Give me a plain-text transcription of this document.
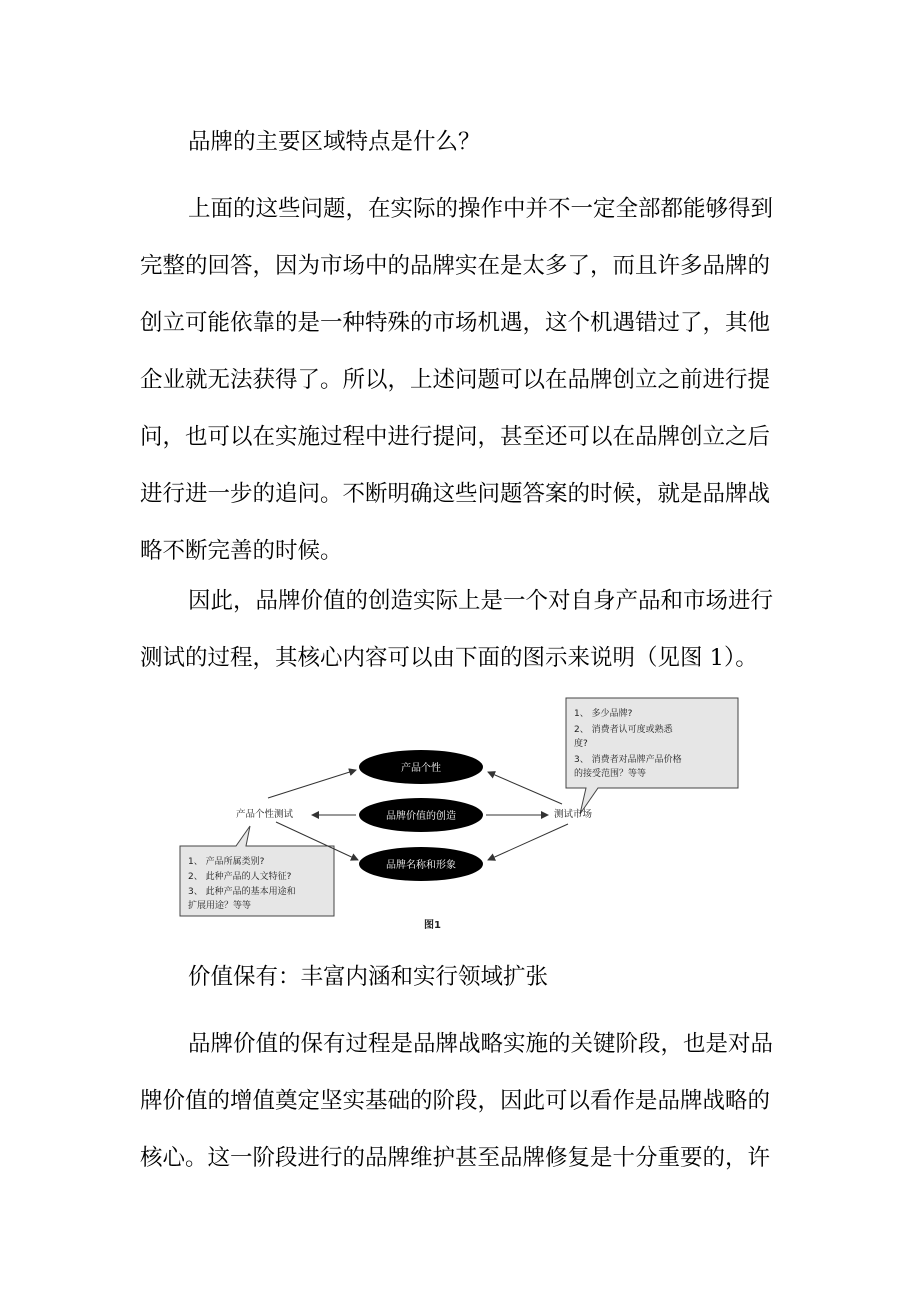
品牌的主要区域特点是什么？

上面的这些问题，在实际的操作中并不一定全部都能够得到
完整的回答，因为市场中的品牌实在是太多了，而且许多品牌的
创立可能依靠的是一种特殊的市场机遇，这个机遇错过了，其他
企业就无法获得了。所以，上述问题可以在品牌创立之前进行提
问，也可以在实施过程中进行提问，甚至还可以在品牌创立之后
进行进一步的追问。不断明确这些问题答案的时候，就是品牌战
略不断完善的时候。

因此，品牌价值的创造实际上是一个对自身产品和市场进行
测试的过程，其核心内容可以由下面的图示来说明（见图 1）。

1、 多少品牌?
2、 消费者认可度或熟悉
度?
3、 消费者对品牌产品价格
的接受范围？等等
1、 产品所属类别?
2、 此种产品的人文特征?
3、 此种产品的基本用途和
扩展用途？等等
产品个性
品牌价值的创造
品牌名称和形象
产品个性测试	测试市场
图1

价值保有：丰富内涵和实行领域扩张

品牌价值的保有过程是品牌战略实施的关键阶段，也是对品
牌价值的增值奠定坚实基础的阶段，因此可以看作是品牌战略的
核心。这一阶段进行的品牌维护甚至品牌修复是十分重要的，许
